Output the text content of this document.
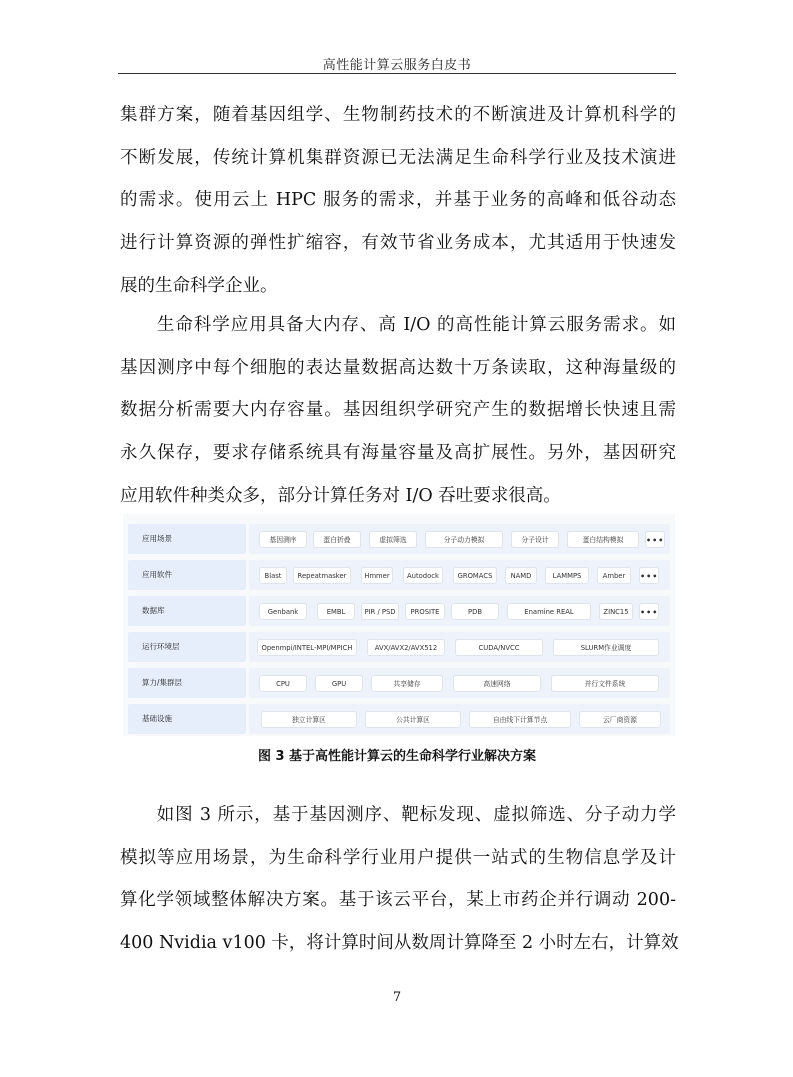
高性能计算云服务白皮书
集群方案，随着基因组学、生物制药技术的不断演进及计算机科学的
不断发展，传统计算机集群资源已无法满足生命科学行业及技术演进
的需求。使用云上 HPC 服务的需求，并基于业务的高峰和低谷动态
进行计算资源的弹性扩缩容，有效节省业务成本，尤其适用于快速发
展的生命科学企业。
　　生命科学应用具备大内存、高 I/O 的高性能计算云服务需求。如
基因测序中每个细胞的表达量数据高达数十万条读取，这种海量级的
数据分析需要大内存容量。基因组织学研究产生的数据增长快速且需
永久保存，要求存储系统具有海量容量及高扩展性。另外，基因研究
应用软件种类众多，部分计算任务对 I/O 吞吐要求很高。
应用场景	基因测序	蛋白折叠	虚拟筛选	分子动力模拟	分子设计	蛋白结构模拟	•••
应用软件	Blast	Repeatmasker	Hmmer	Autodock	GROMACS	NAMD	LAMMPS	Amber	•••
数据库	Genbank	EMBL	PIR / PSD	PROSITE	PDB	Enamine REAL	ZINC15	•••
运行环境层	Openmpi/INTEL-MPI/MPICH	AVX/AVX2/AVX512	CUDA/NVCC	SLURM作业调度
算力/集群层	CPU	GPU	共享储存	高速网络	并行文件系统
基础设施	独立计算区	公共计算区	自由线下计算节点	云厂商资源
图 3 基于高性能计算云的生命科学行业解决方案
　　如图 3 所示，基于基因测序、靶标发现、虚拟筛选、分子动力学
模拟等应用场景，为生命科学行业用户提供一站式的生物信息学及计
算化学领域整体解决方案。基于该云平台，某上市药企并行调动 200-
400 Nvidia v100 卡，将计算时间从数周计算降至 2 小时左右，计算效
7
